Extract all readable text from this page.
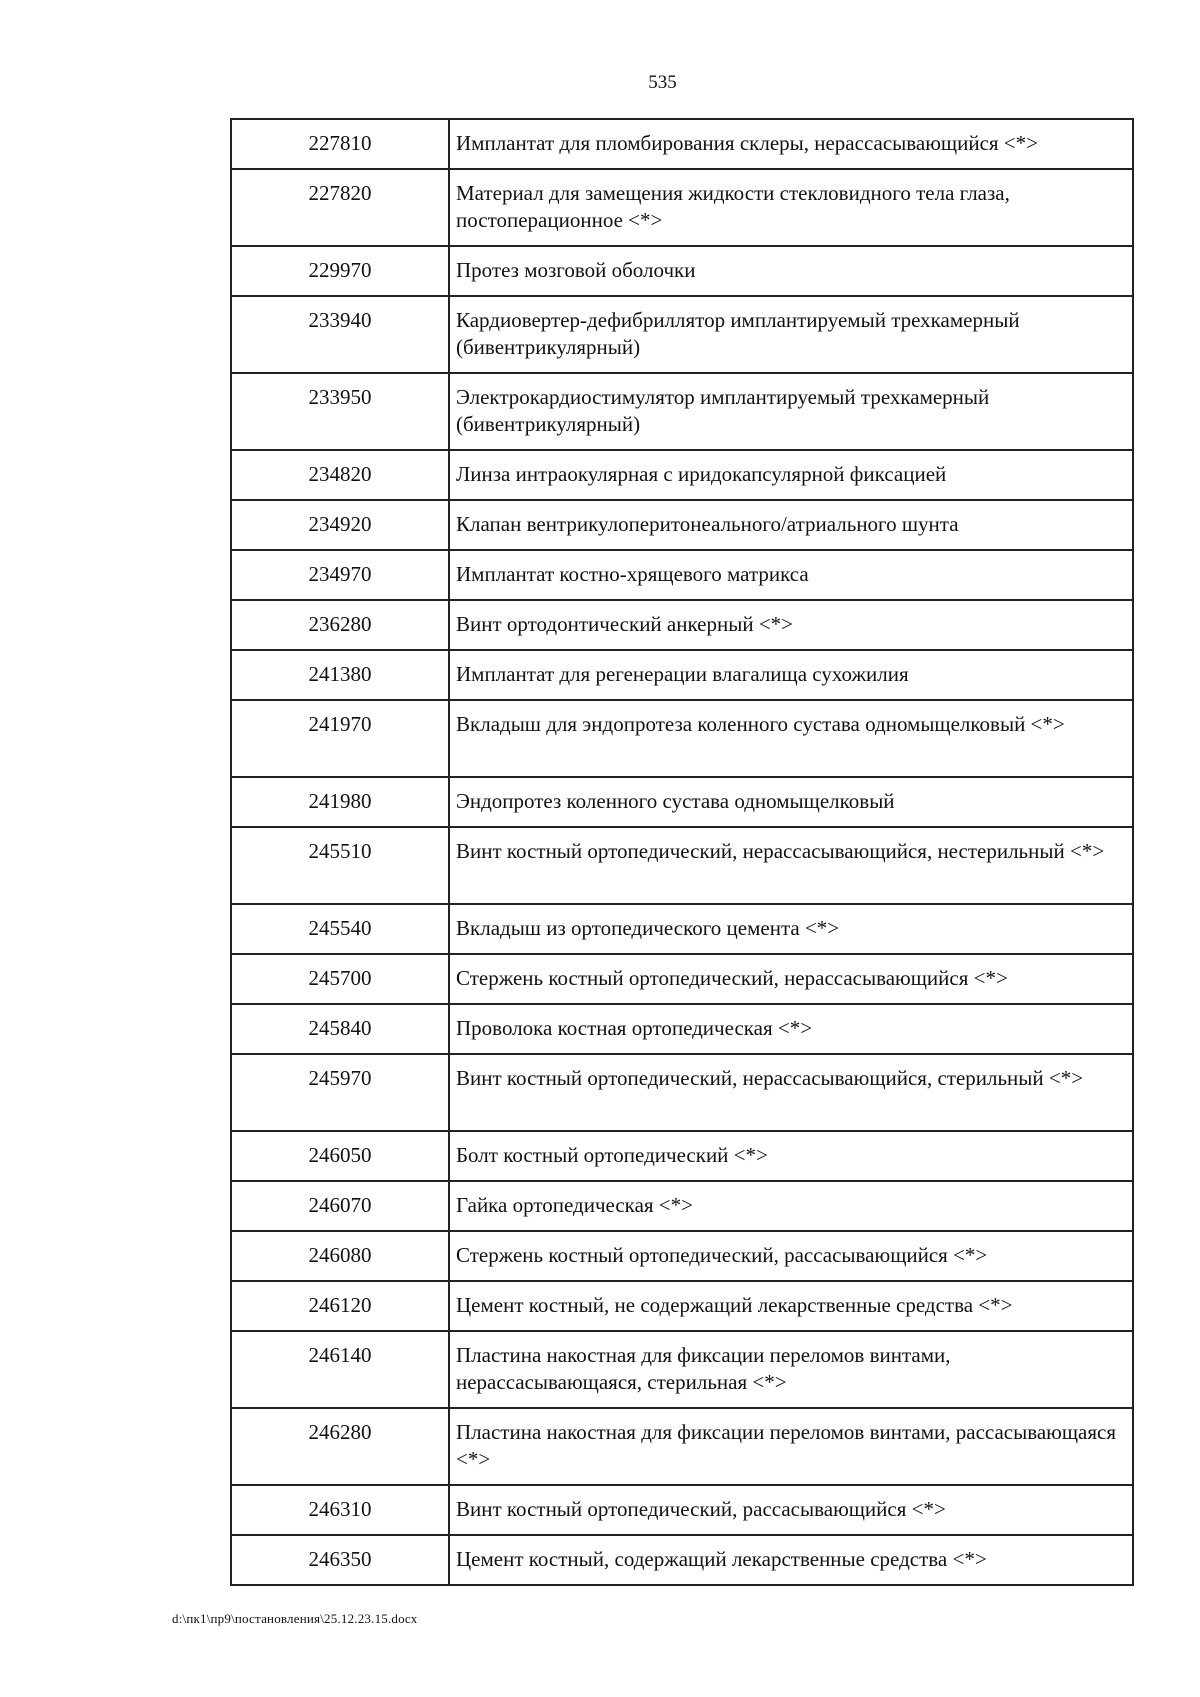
535
227810	Имплантат для пломбирования склеры, нерассасывающийся <*>
227820	Материал для замещения жидкости стекловидного тела глаза, постоперационное <*>
229970	Протез мозговой оболочки
233940	Кардиовертер-дефибриллятор имплантируемый трехкамерный (бивентрикулярный)
233950	Электрокардиостимулятор имплантируемый трехкамерный (бивентрикулярный)
234820	Линза интраокулярная с иридокапсулярной фиксацией
234920	Клапан вентрикулоперитонеального/атриального шунта
234970	Имплантат костно-хрящевого матрикса
236280	Винт ортодонтический анкерный <*>
241380	Имплантат для регенерации влагалища сухожилия
241970	Вкладыш для эндопротеза коленного сустава одномыщелковый <*>
241980	Эндопротез коленного сустава одномыщелковый
245510	Винт костный ортопедический, нерассасывающийся, нестерильный <*>
245540	Вкладыш из ортопедического цемента <*>
245700	Стержень костный ортопедический, нерассасывающийся <*>
245840	Проволока костная ортопедическая <*>
245970	Винт костный ортопедический, нерассасывающийся, стерильный <*>
246050	Болт костный ортопедический <*>
246070	Гайка ортопедическая <*>
246080	Стержень костный ортопедический, рассасывающийся <*>
246120	Цемент костный, не содержащий лекарственные средства <*>
246140	Пластина накостная для фиксации переломов винтами, нерассасывающаяся, стерильная <*>
246280	Пластина накостная для фиксации переломов винтами, рассасывающаяся <*>
246310	Винт костный ортопедический, рассасывающийся <*>
246350	Цемент костный, содержащий лекарственные средства <*>
d:\пк1\пр9\постановления\25.12.23.15.docx
